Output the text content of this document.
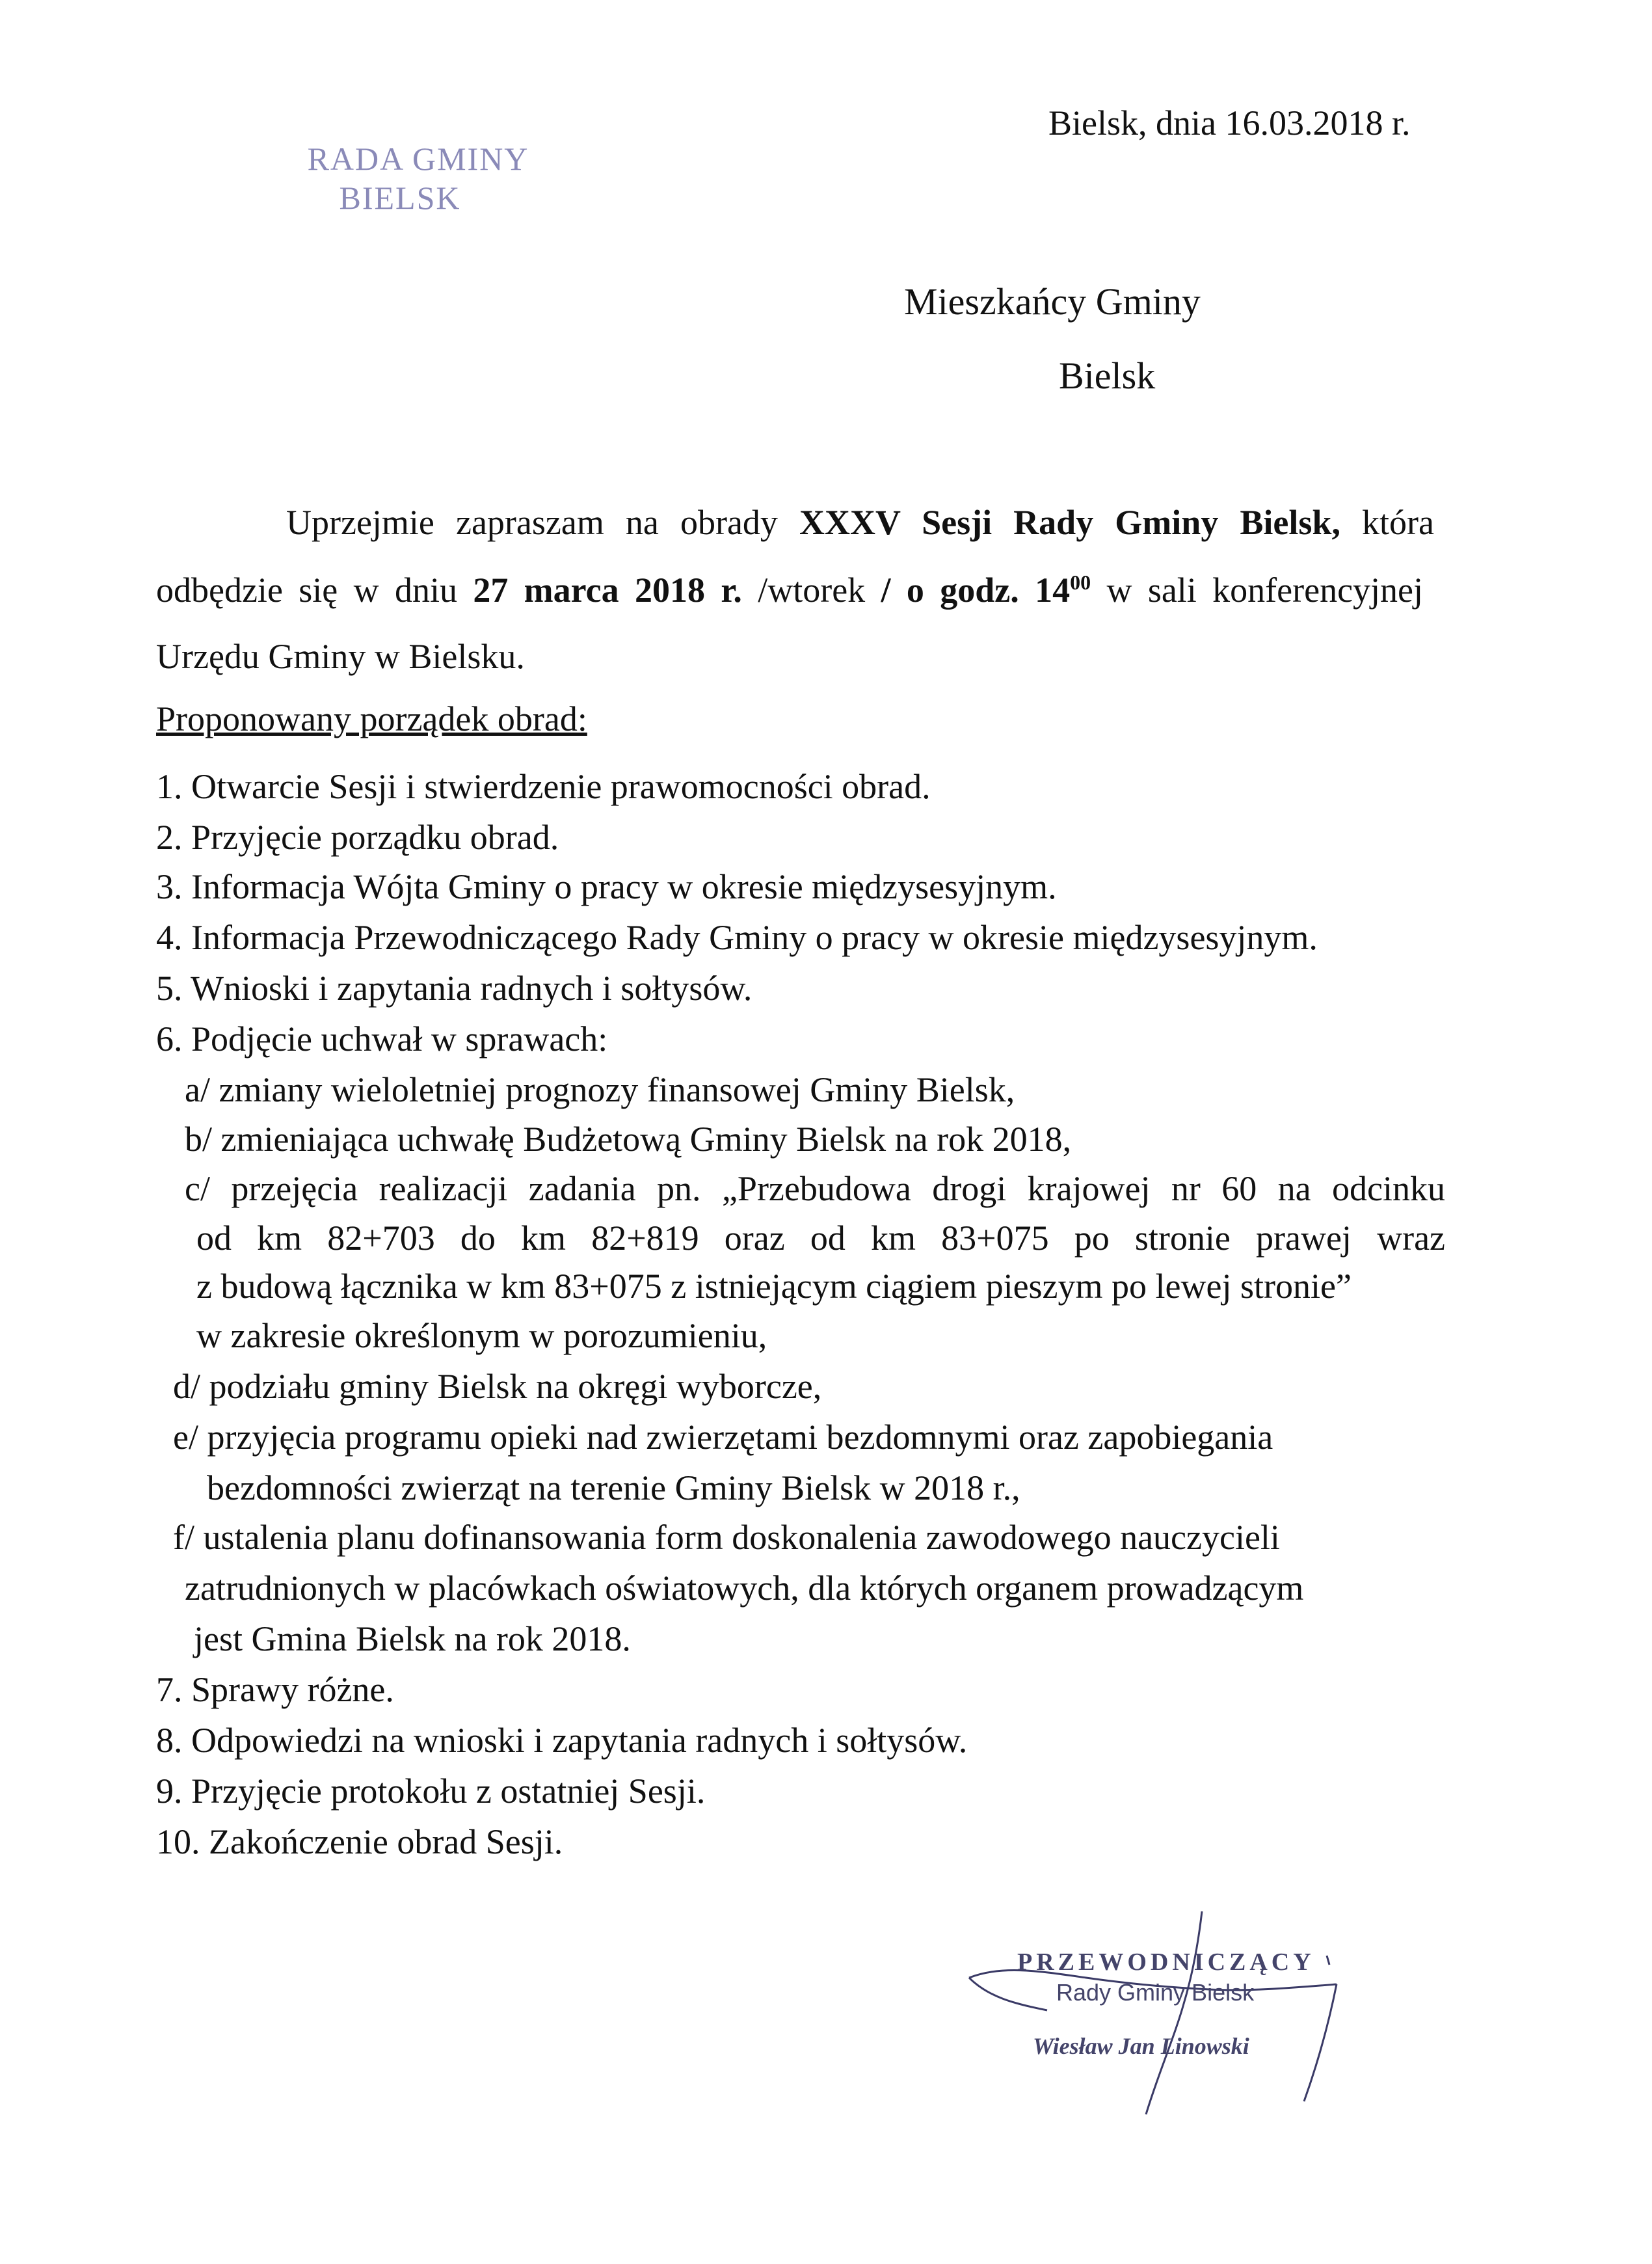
RADA GMINY
BIELSK
Bielsk, dnia 16.03.2018 r.
Mieszkańcy Gminy
Bielsk
Uprzejmie zapraszam na obrady XXXV Sesji Rady Gminy Bielsk, która
odbędzie się w dniu 27 marca 2018 r. /wtorek / o godz. $14^{00}$ w sali konferencyjnej
Urzędu Gminy w Bielsku.
Proponowany porządek obrad:
1. Otwarcie Sesji i stwierdzenie prawomocności obrad.
2. Przyjęcie porządku obrad.
3. Informacja Wójta Gminy o pracy w okresie międzysesyjnym.
4. Informacja Przewodniczącego Rady Gminy o pracy w okresie międzysesyjnym.
5. Wnioski i zapytania radnych i sołtysów.
6. Podjęcie uchwał w sprawach:
a/ zmiany wieloletniej prognozy finansowej Gminy Bielsk,
b/ zmieniająca uchwałę Budżetową Gminy Bielsk na rok 2018,
c/ przejęcia realizacji zadania pn. „Przebudowa drogi krajowej nr 60 na odcinku
od km 82+703 do km 82+819 oraz od km 83+075 po stronie prawej wraz
z budową łącznika w km 83+075 z istniejącym ciągiem pieszym po lewej stronie”
w zakresie określonym w porozumieniu,
d/ podziału gminy Bielsk na okręgi wyborcze,
e/ przyjęcia programu opieki nad zwierzętami bezdomnymi oraz zapobiegania
bezdomności zwierząt na terenie Gminy Bielsk w 2018 r.,
f/ ustalenia planu dofinansowania form doskonalenia zawodowego nauczycieli
zatrudnionych w placówkach oświatowych, dla których organem prowadzącym
jest Gmina Bielsk na rok 2018.
7. Sprawy różne.
8. Odpowiedzi na wnioski i zapytania radnych i sołtysów.
9. Przyjęcie protokołu z ostatniej Sesji.
10. Zakończenie obrad Sesji.
PRZEWODNICZĄCY
Rady Gminy Bielsk
Wiesław Jan Linowski
